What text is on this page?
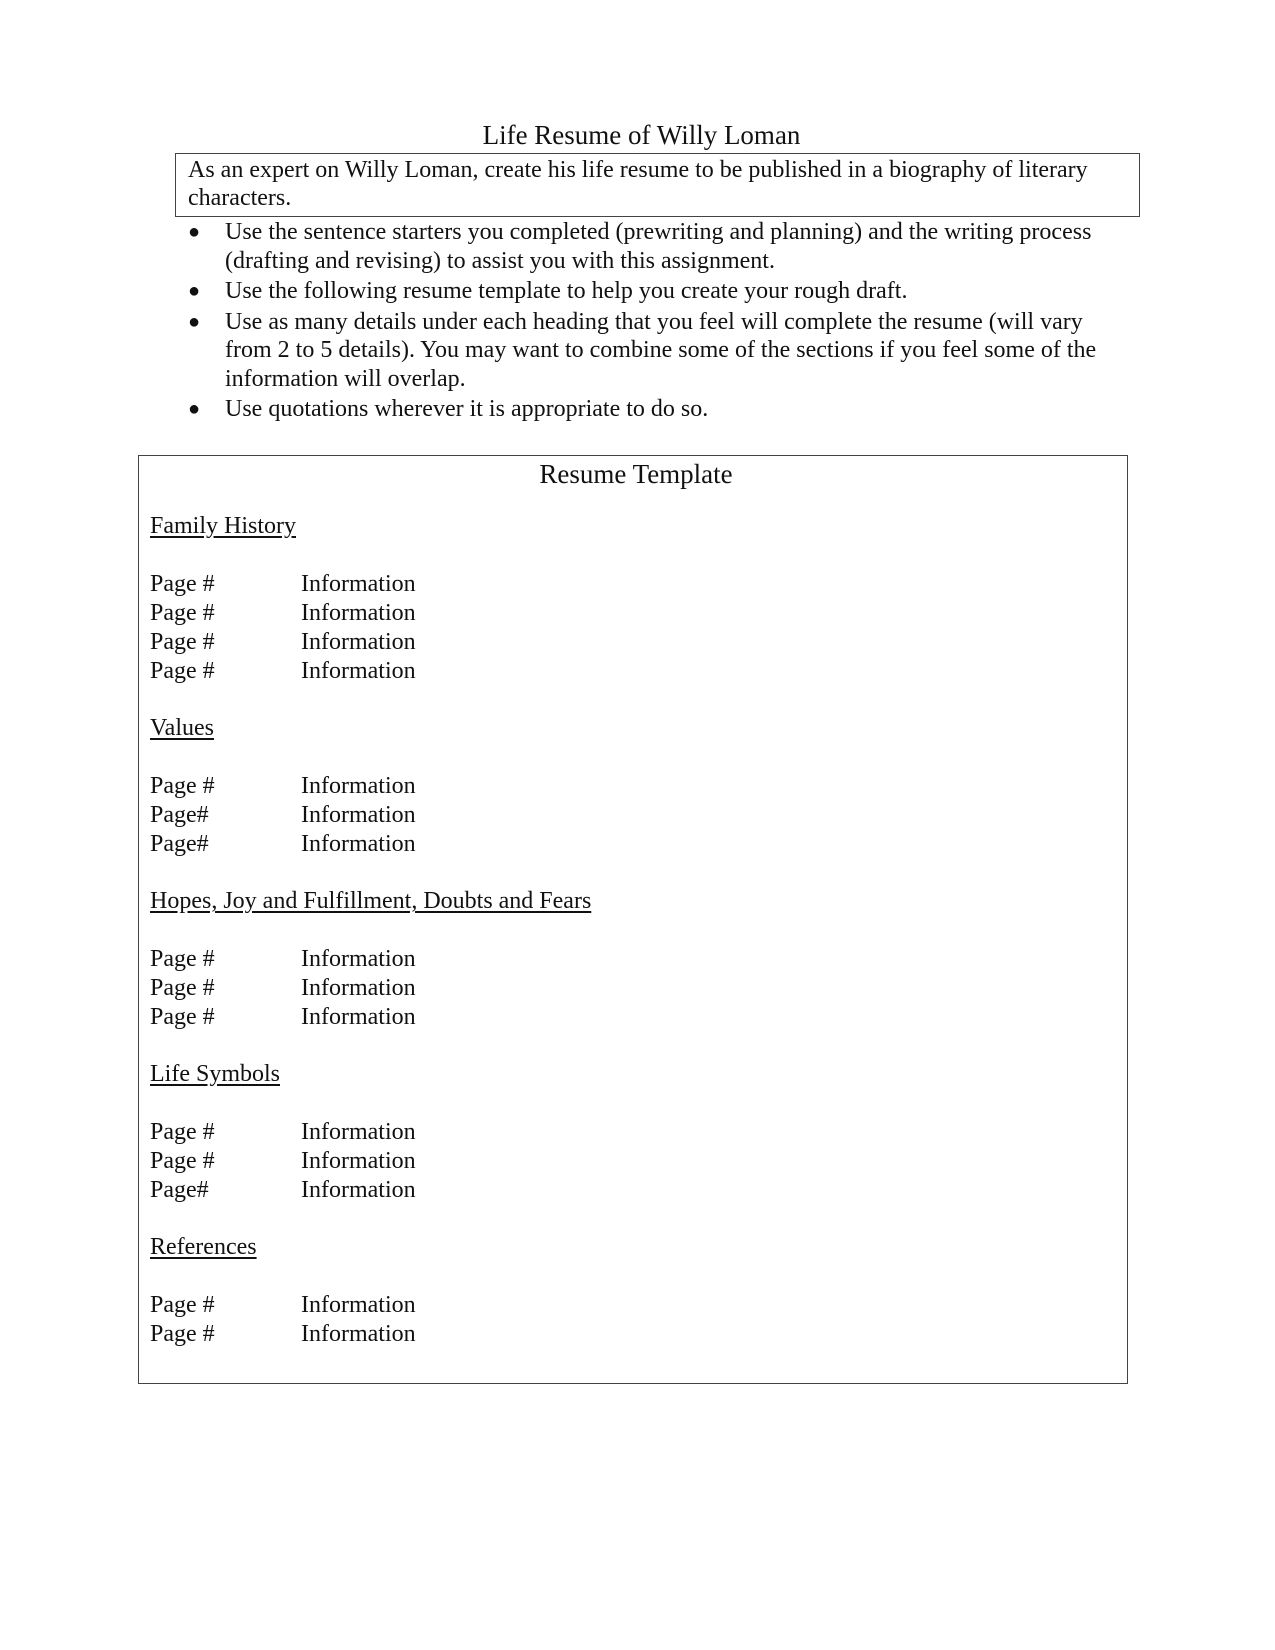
Life Resume of Willy Loman
As an expert on Willy Loman, create his life resume to be published in a biography of literary characters.
● Use the sentence starters you completed (prewriting and planning) and the writing process (drafting and revising) to assist you with this assignment.
● Use the following resume template to help you create your rough draft.
● Use as many details under each heading that you feel will complete the resume (will vary from 2 to 5 details). You may want to combine some of the sections if you feel some of the information will overlap.
● Use quotations wherever it is appropriate to do so.
Resume Template
Family History
Page #	Information
Page #	Information
Page #	Information
Page #	Information
Values
Page #	Information
Page#	Information
Page#	Information
Hopes, Joy and Fulfillment, Doubts and Fears
Page #	Information
Page #	Information
Page #	Information
Life Symbols
Page #	Information
Page #	Information
Page#	Information
References
Page #	Information
Page #	Information
